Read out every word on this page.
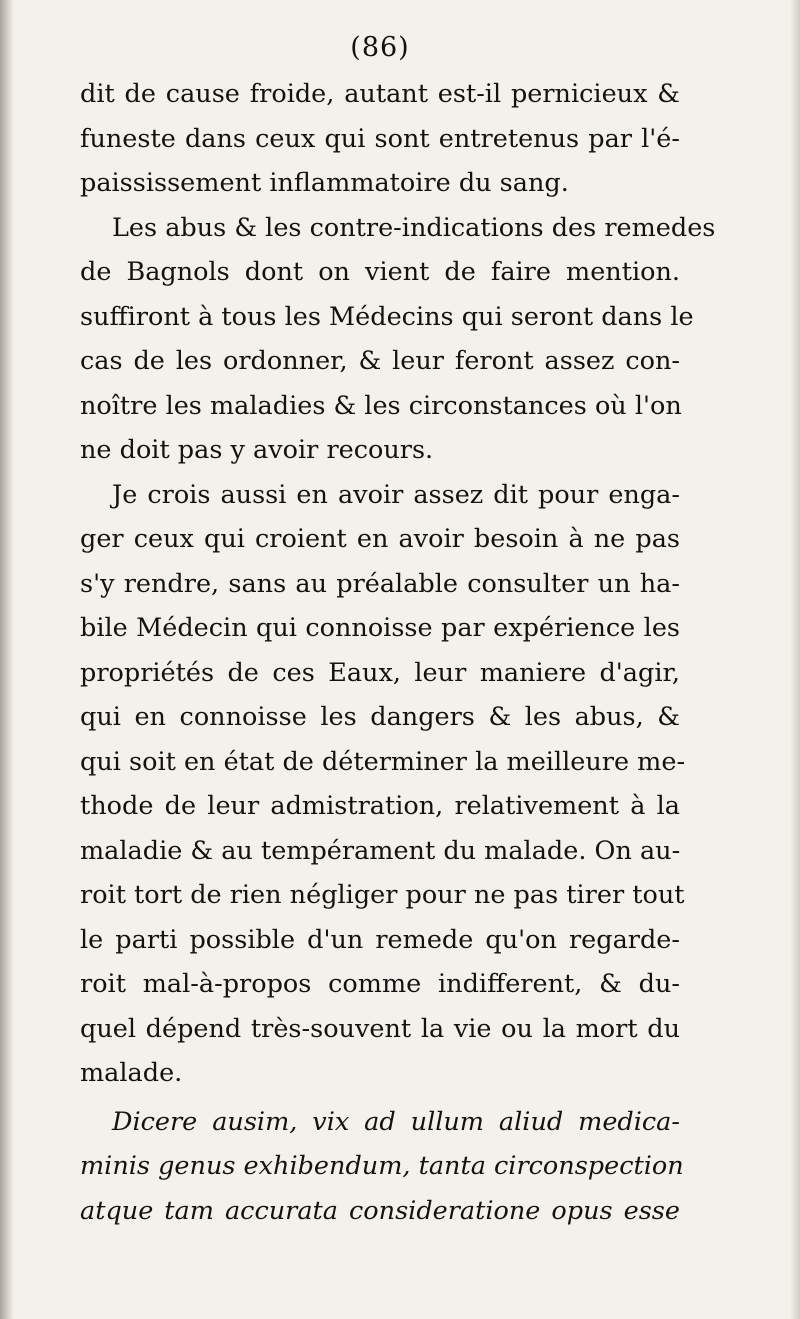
(86)
dit de cause froide, autant est-il pernicieux &
funeste dans ceux qui sont entretenus par l'é-
paississement inflammatoire du sang.
Les abus & les contre-indications des remedes
de Bagnols dont on vient de faire mention.
suffiront à tous les Médecins qui seront dans le
cas de les ordonner, & leur feront assez con-
noître les maladies & les circonstances où l'on
ne doit pas y avoir recours.
Je crois aussi en avoir assez dit pour enga-
ger ceux qui croient en avoir besoin à ne pas
s'y rendre, sans au préalable consulter un ha-
bile Médecin qui connoisse par expérience les
propriétés de ces Eaux, leur maniere d'agir,
qui en connoisse les dangers & les abus, &
qui soit en état de déterminer la meilleure me-
thode de leur admistration, relativement à la
maladie & au tempérament du malade. On au-
roit tort de rien négliger pour ne pas tirer tout
le parti possible d'un remede qu'on regarde-
roit mal-à-propos comme indifferent, & du-
quel dépend très-souvent la vie ou la mort du
malade.
Dicere ausim, vix ad ullum aliud medica-
minis genus exhibendum, tanta circonspection
atque tam accurata consideratione opus esse
